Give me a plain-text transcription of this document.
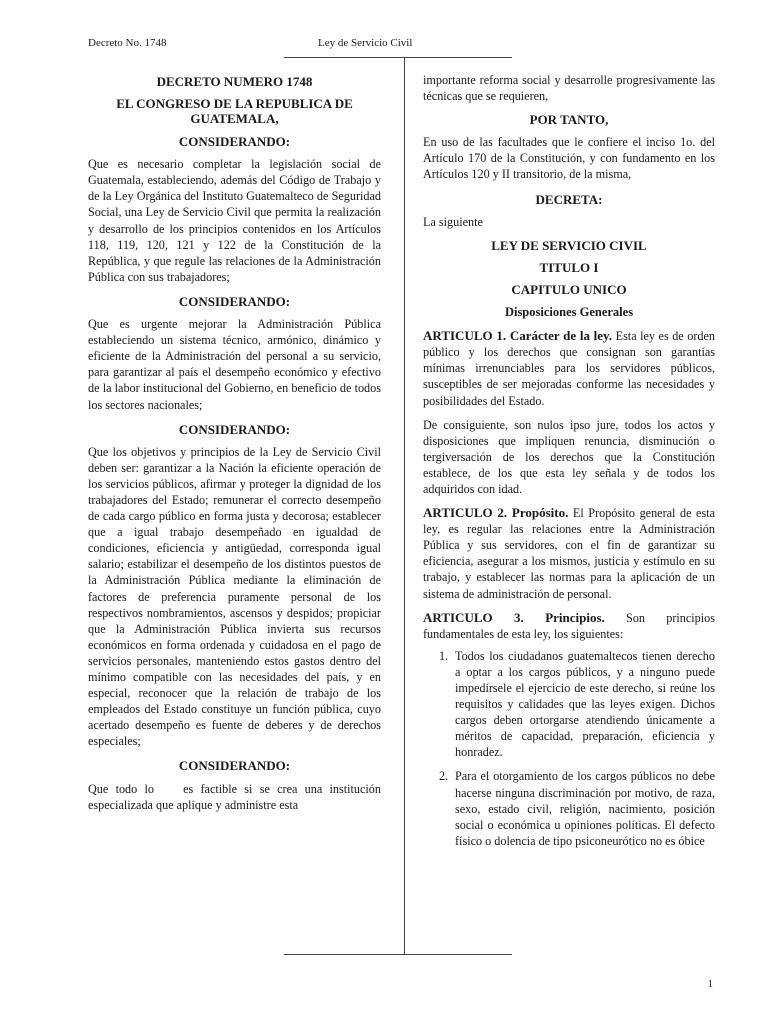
Decreto No. 1748	Ley de Servicio Civil
DECRETO NUMERO 1748
EL CONGRESO DE LA REPUBLICA DE GUATEMALA,
CONSIDERANDO:

Que es necesario completar la legislación social de Guatemala, estableciendo, además del Código de Trabajo y de la Ley Orgánica del Instituto Guatemalteco de Seguridad Social, una Ley de Servicio Civil que permita la realización y desarrollo de los principios contenidos en los Artículos 118, 119, 120, 121 y 122 de la Constitución de la República, y que regule las relaciones de la Administración Pública con sus trabajadores;

CONSIDERANDO:

Que es urgente mejorar la Administración Pública estableciendo un sistema técnico, armónico, dinámico y eficiente de la Administración del personal a su servicio, para garantizar al país el desempeño económico y efectivo de la labor institucional del Gobierno, en beneficio de todos los sectores nacionales;

CONSIDERANDO:

Que los objetivos y principios de la Ley de Servicio Civil deben ser: garantizar a la Nación la eficiente operación de los servicios públicos, afirmar y proteger la dignidad de los trabajadores del Estado; remunerar el correcto desempeño de cada cargo público en forma justa y decorosa; establecer que a igual trabajo desempeñado en igualdad de condiciones, eficiencia y antigüedad, corresponda igual salario; estabilizar el desempeño de los distintos puestos de la Administración Pública mediante la eliminación de factores de preferencia puramente personal de los respectivos nombramientos, ascensos y despidos; propiciar que la Administración Pública invierta sus recursos económicos en forma ordenada y cuidadosa en el pago de servicios personales, manteniendo estos gastos dentro del mínimo compatible con las necesidades del país, y en especial, reconocer que la relación de trabajo de los empleados del Estado constituye un función pública, cuyo acertado desempeño es fuente de deberes y de derechos especiales;

CONSIDERANDO:

Que todo lo    es factible si se crea una institución especializada que aplique y administre esta

importante reforma social y desarrolle progresivamente las técnicas que se requieren,

POR TANTO,

En uso de las facultades que le confiere el inciso 1o. del Artículo 170 de la Constitución, y con fundamento en los Artículos 120 y II transitorio, de la misma,

DECRETA:

La siguiente

LEY DE SERVICIO CIVIL
TITULO I
CAPITULO UNICO
Disposiciones Generales

ARTICULO 1. Carácter de la ley. Esta ley es de orden público y los derechos que consignan son garantías mínimas irrenunciables para los servidores públicos, susceptibles de ser mejoradas conforme las necesidades y posibilidades del Estado.

De consiguiente, son nulos ipso jure, todos los actos y disposiciones que impliquen renuncia, disminución o tergiversación de los derechos que la Constitución establece, de los que esta ley señala y de todos los adquiridos con idad.

ARTICULO 2. Propósito. El Propósito general de esta ley, es regular las relaciones entre la Administración Pública y sus servidores, con el fin de garantizar su eficiencia, asegurar a los mismos, justicia y estímulo en su trabajo, y establecer las normas para la aplicación de un sistema de administración de personal.

ARTICULO 3. Principios. Son principios fundamentales de esta ley, los siguientes:

1. Todos los ciudadanos guatemaltecos tienen derecho a optar a los cargos públicos, y a ninguno puede impedírsele el ejercicio de este derecho, si reúne los requisitos y calidades que las leyes exigen. Dichos cargos deben ortorgarse atendiendo únicamente a méritos de capacidad, preparación, eficiencia y honradez.
2. Para el otorgamiento de los cargos públicos no debe hacerse ninguna discriminación por motivo, de raza, sexo, estado civil, religión, nacimiento, posición social o económica u opiniones políticas. El defecto físico o dolencia de tipo psiconeurótico no es óbice
1
